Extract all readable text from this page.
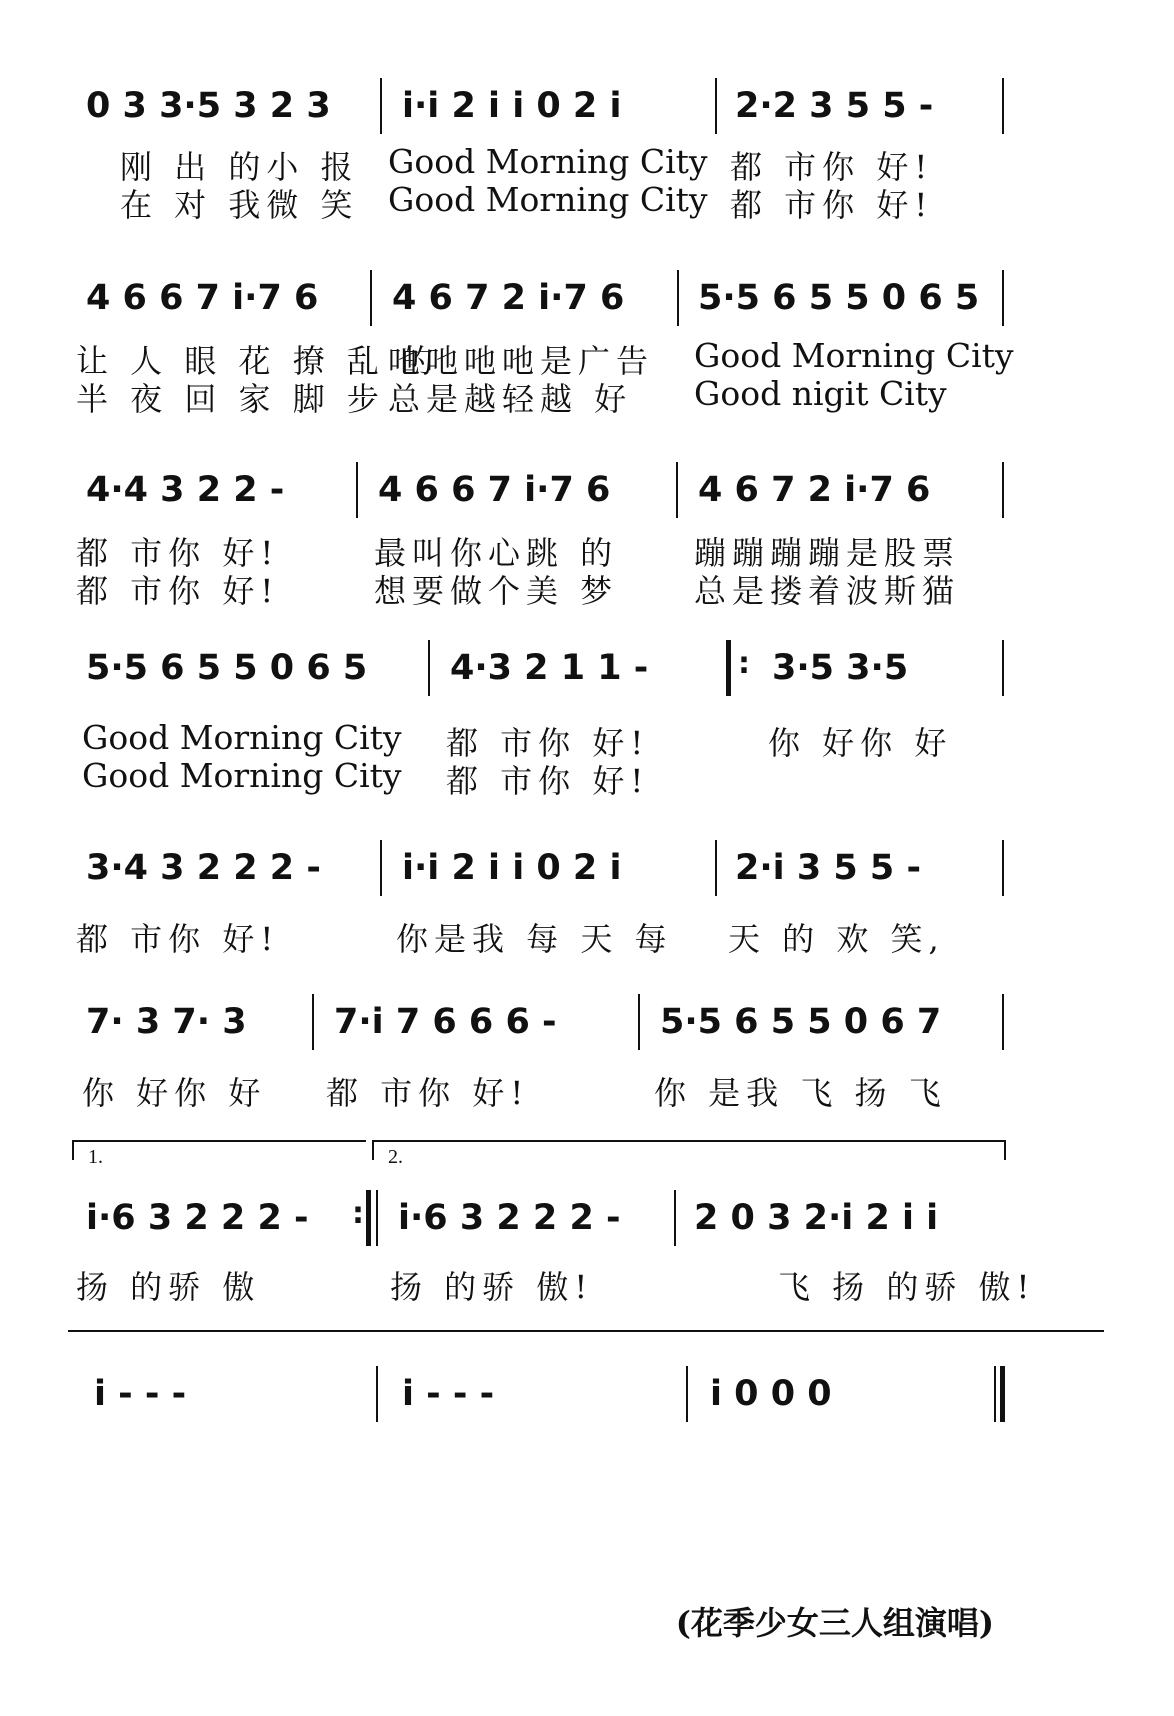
0 3 3·5 3 2 3 i·i 2 i i 0 2 i	2·2 3 5 5 -
刚 出 的小 报 Good Morning City 都 市你 好!
在 对 我微 笑 Good Morning City 都 市你 好!
4 6 6 7 i·7 6 4 6 7 2 i·7 6 5·5 6 5 5 0 6 5
让 人 眼 花 撩 乱 的
吔吔吔吔是广告 Good Morning City
半 夜 回 家 脚 步 总是越轻越 好 Good nigit City
4·4 3 2 2 -	4 6 6 7 i·7 6	4 6 7 2 i·7 6
都 市你 好!	最叫你心跳 的 蹦蹦蹦蹦是股票
都 市你 好!	想要做个美 梦 总是搂着波斯猫
5·5 6 5 5 0 6 5 4·3 2 1 1 -	: 3·5 3·5
Good Morning City 都 市你 好!	你 好你 好
Good Morning City 都 市你 好!
3·4 3 2 2 2 - i·i 2 i i 0 2 i	2·i 3 5 5 -
都 市你 好!	你是我 每 天 每 天 的 欢 笑,
7· 3 7· 3 7·i 7 6 6 6 -	5·5 6 5 5 0 6 7
你 好你 好 都 市你 好!	你 是我 飞 扬 飞
1.	2.
i·6 3 2 2 2 - : i·6 3 2 2 2 - 2 0 3 2·i 2 i i
扬 的骄 傲	扬 的骄 傲!	飞 扬 的骄 傲!
i - - -	i - - -	i 0 0 0
(花季少女三人组演唱)
